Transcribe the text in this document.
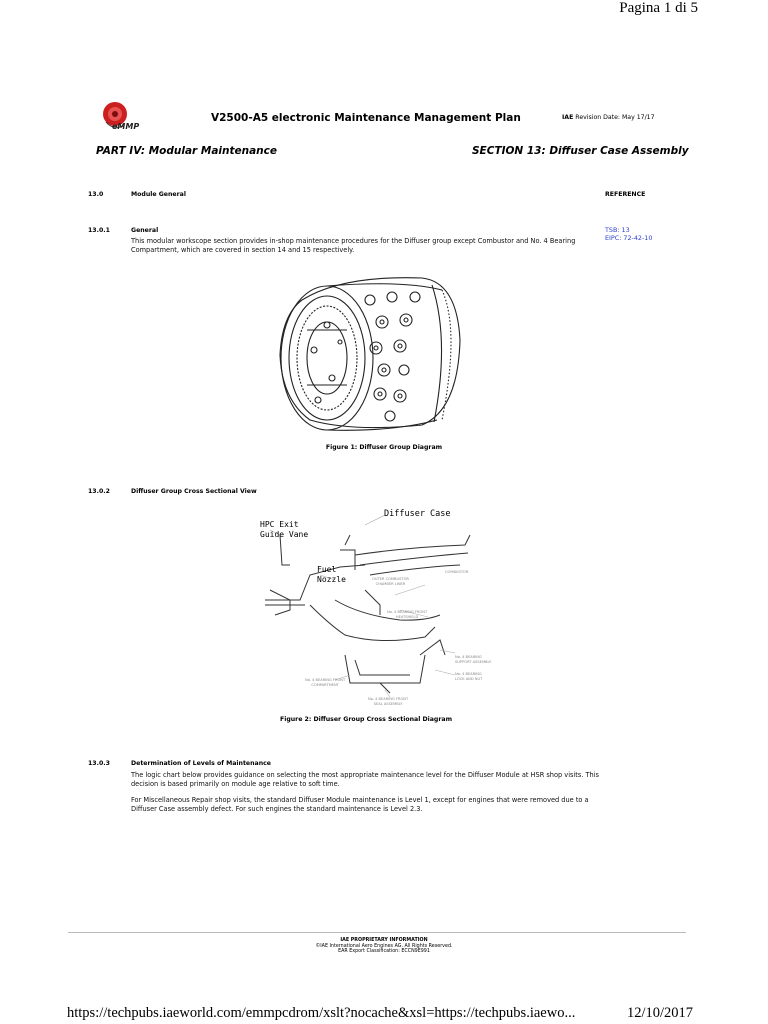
Pagina 1 di 5
eMMP
V2500-A5 electronic Maintenance Management Plan	IAE Revision Date: May 17/17
PART IV: Modular Maintenance	SECTION 13: Diffuser Case Assembly
13.0	Module General	REFERENCE
13.0.1	General
This modular workscope section provides in-shop maintenance procedures for the Diffuser group except Combustor and No. 4 Bearing Compartment, which are covered in section 14 and 15 respectively.
TSB: 13
EIPC: 72-42-10
Figure 1: Diffuser Group Diagram
13.0.2	Diffuser Group Cross Sectional View
Diffuser Case
HPC Exit
Guide Vane
Fuel
Nozzle
COMBUSTOR
OUTER COMBUSTOR
CHAMBER LINER
No. 4 BEARING FRONT
HEATSHIELD
No. 4 BEARING
SUPPORT ASSEMBLY
No. 4 BEARING
LOCK AND NUT
No. 4 BEARING FRONT
COMPARTMENT
No. 4 BEARING FRONT
SEAL ASSEMBLY
Figure 2: Diffuser Group Cross Sectional Diagram
13.0.3	Determination of Levels of Maintenance
The logic chart below provides guidance on selecting the most appropriate maintenance level for the Diffuser Module at HSR shop visits. This decision is based primarily on module age relative to soft time.
For Miscellaneous Repair shop visits, the standard Diffuser Module maintenance is Level 1, except for engines that were removed due to a Diffuser Case assembly defect. For such engines the standard maintenance is Level 2.3.
IAE PROPRIETARY INFORMATION
©IAE International Aero Engines AG. All Rights Reserved.
EAR Export Classification: ECCN9E991
https://techpubs.iaeworld.com/emmpcdrom/xslt?nocache&xsl=https://techpubs.iaewo...	12/10/2017
